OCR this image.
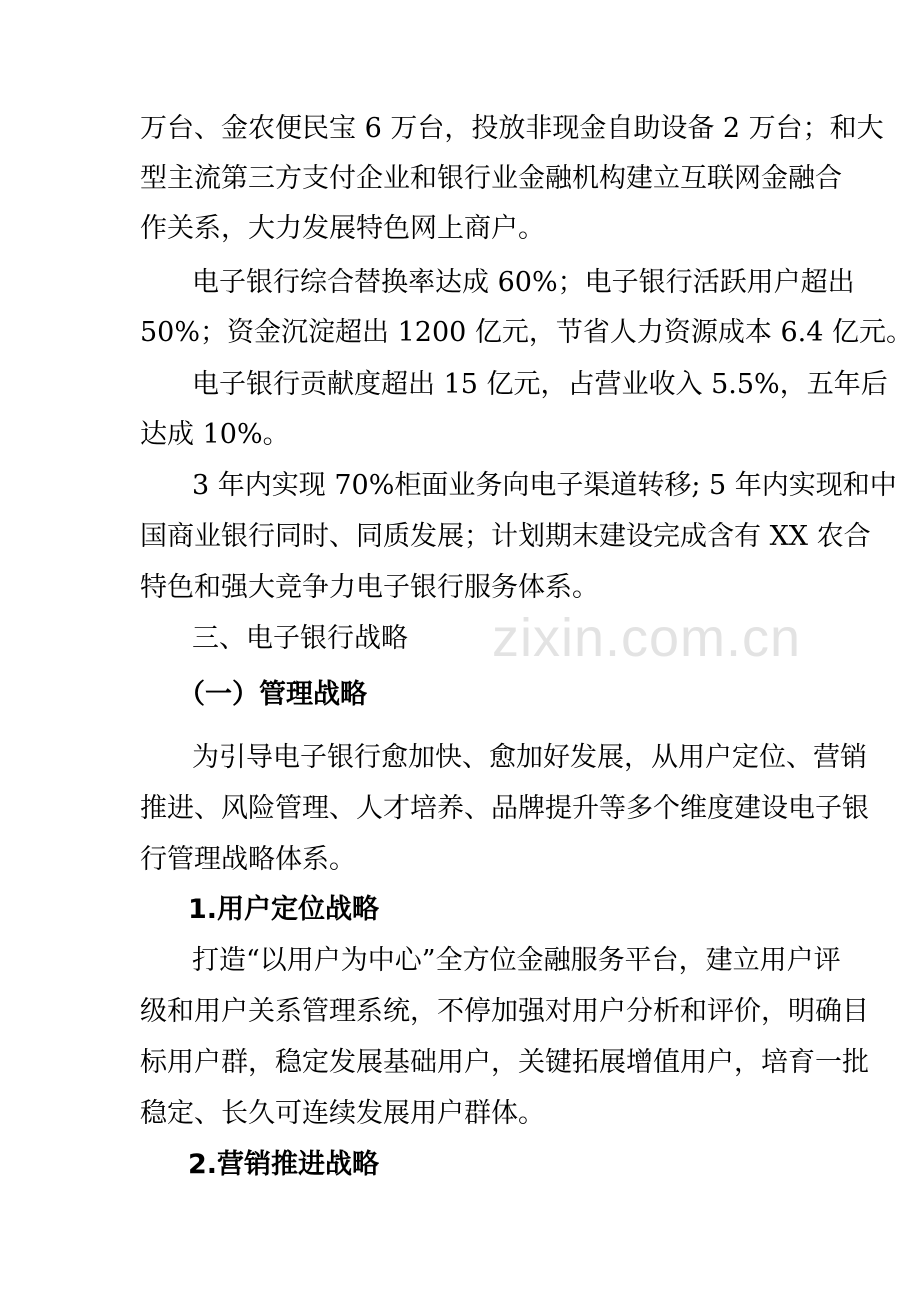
zixin.com.cn
万台、金农便民宝 6 万台，投放非现金自助设备 2 万台；和大
型主流第三方支付企业和银行业金融机构建立互联网金融合
作关系，大力发展特色网上商户。
电子银行综合替换率达成 60%；电子银行活跃用户超出
50%；资金沉淀超出 1200 亿元，节省人力资源成本 6.4 亿元。
电子银行贡献度超出 15 亿元，占营业收入 5.5%，五年后
达成 10%。
3 年内实现 70%柜面业务向电子渠道转移; 5 年内实现和中
国商业银行同时、同质发展；计划期末建设完成含有 XX 农合
特色和强大竞争力电子银行服务体系。
三、电子银行战略
（一）管理战略
为引导电子银行愈加快、愈加好发展，从用户定位、营销
推进、风险管理、人才培养、品牌提升等多个维度建设电子银
行管理战略体系。
1.用户定位战略
打造“以用户为中心”全方位金融服务平台，建立用户评
级和用户关系管理系统，不停加强对用户分析和评价，明确目
标用户群，稳定发展基础用户，关键拓展增值用户，培育一批
稳定、长久可连续发展用户群体。
2.营销推进战略
